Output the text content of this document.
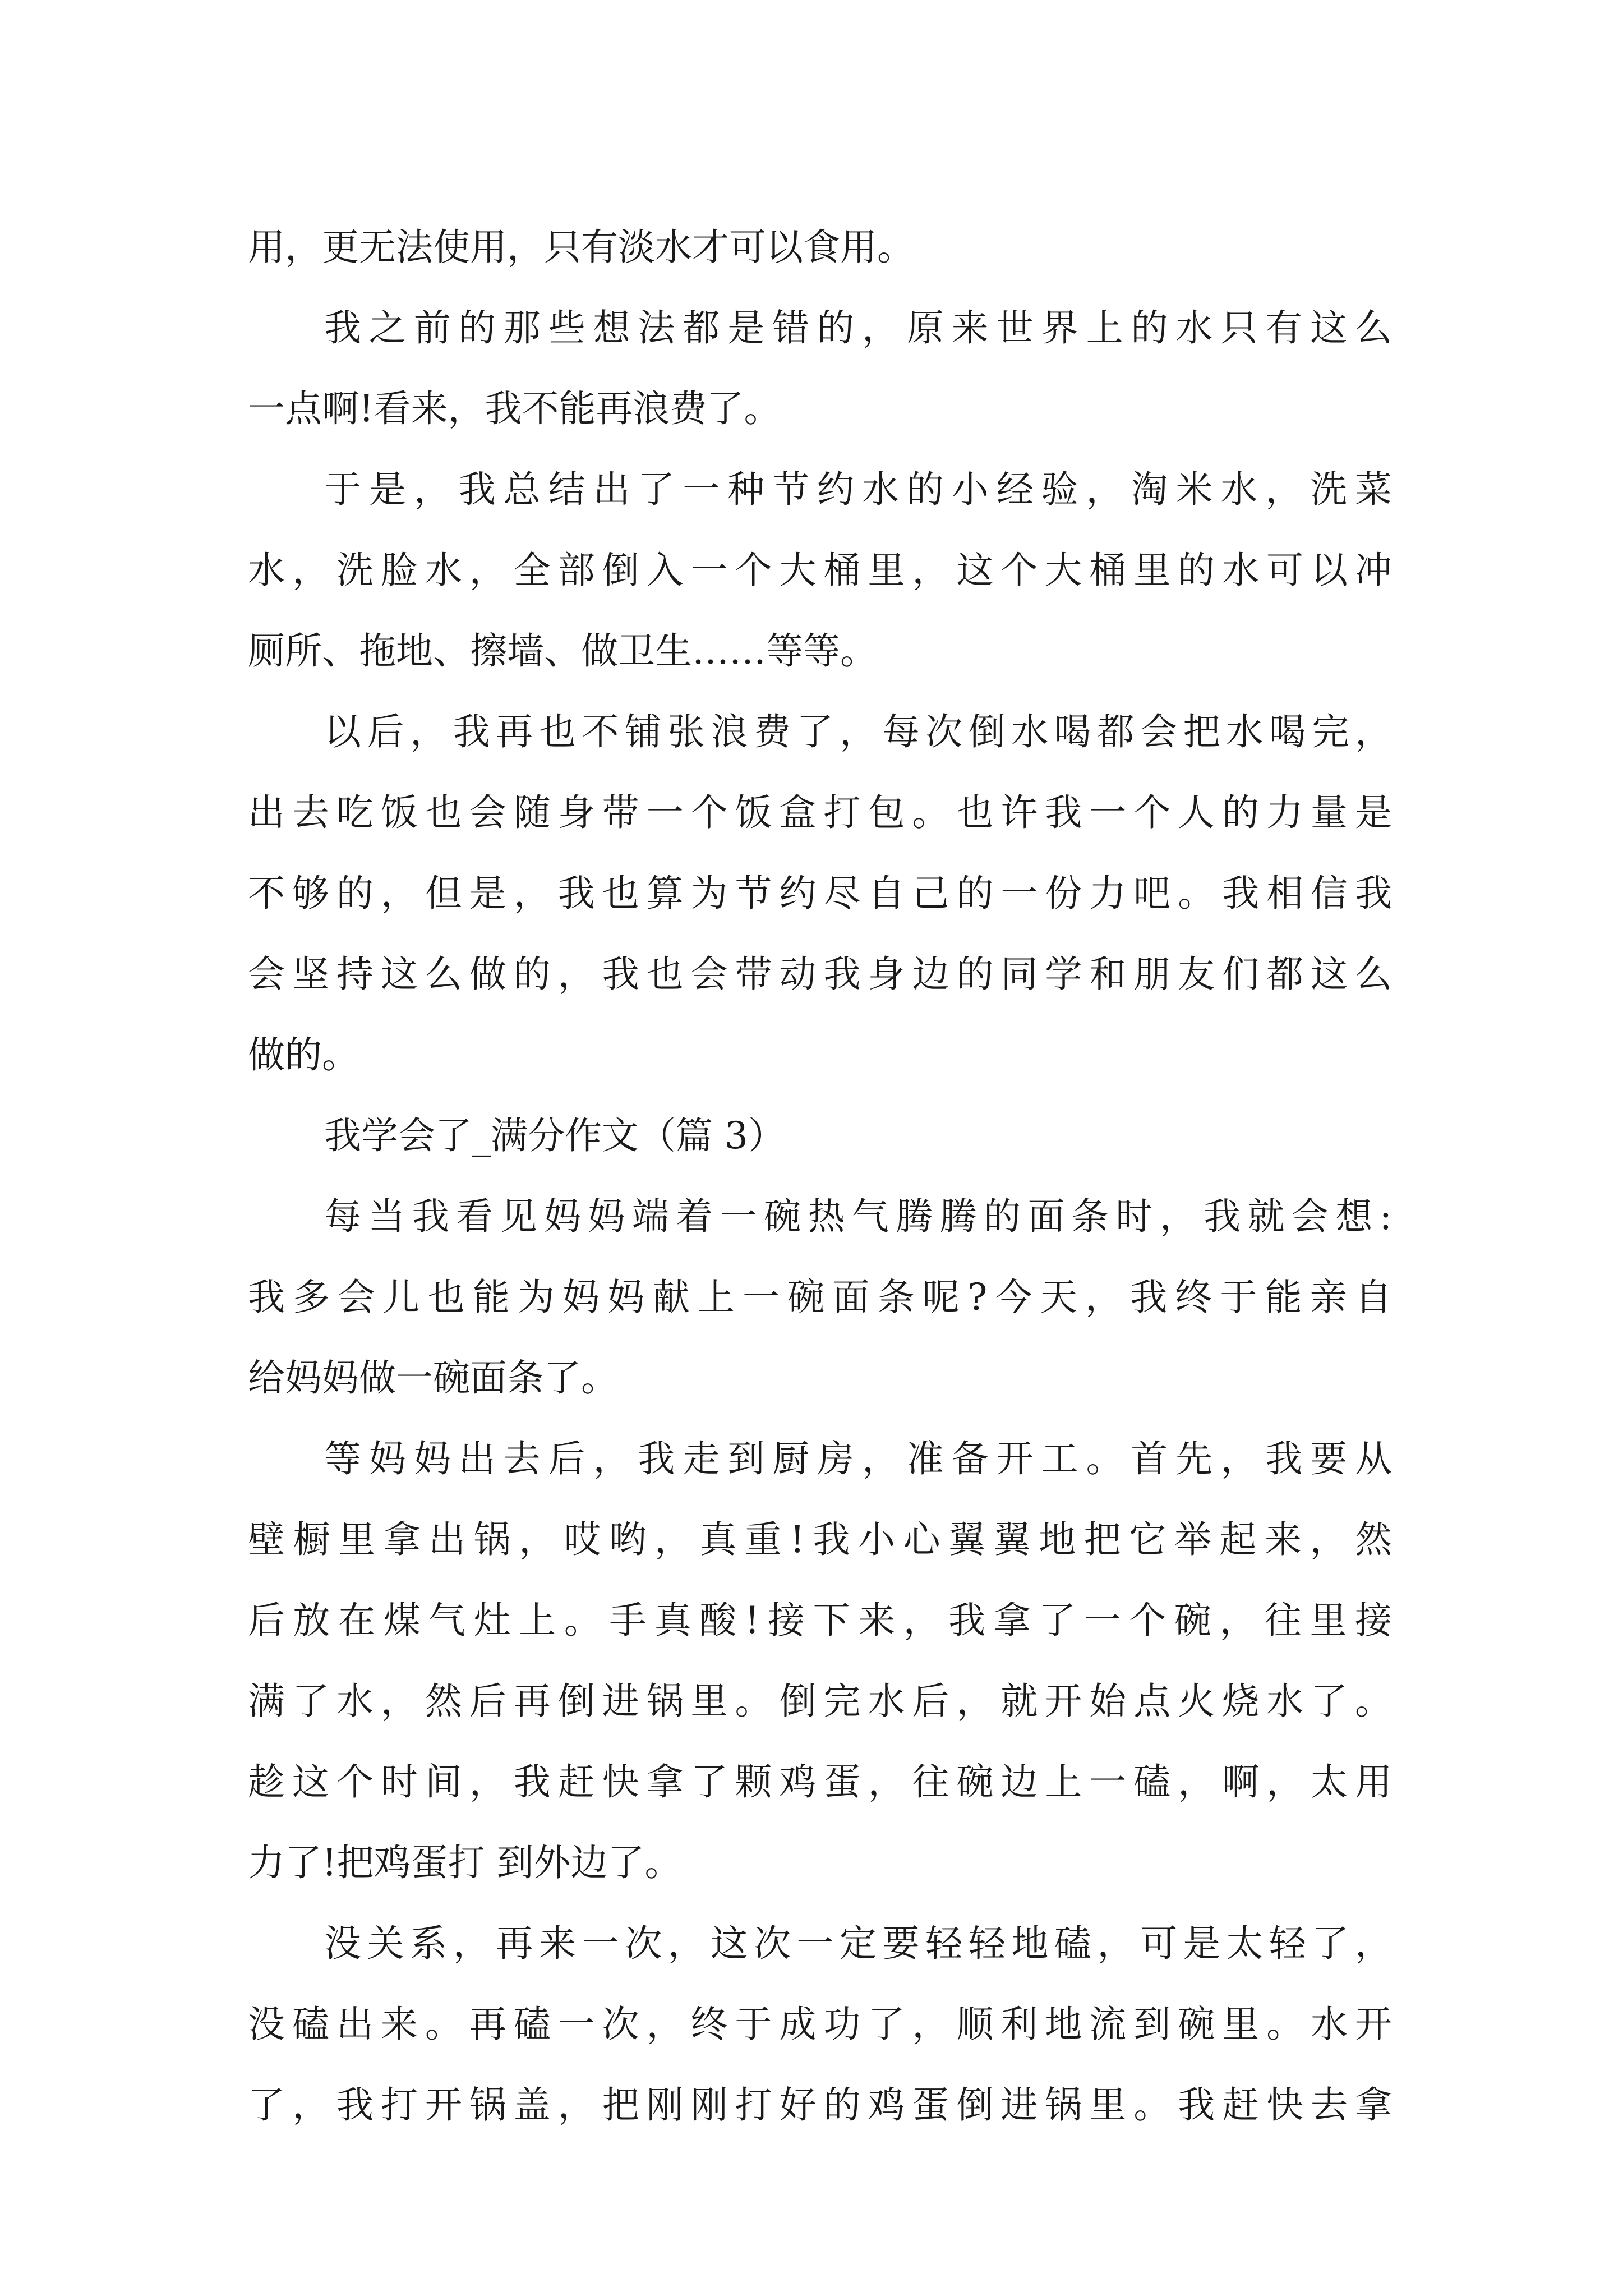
用，更无法使用，只有淡水才可以食用。
我之前的那些想法都是错的，原来世界上的水只有这么
一点啊!看来，我不能再浪费了。
于是，我总结出了一种节约水的小经验，淘米水，洗菜
水，洗脸水，全部倒入一个大桶里，这个大桶里的水可以冲
厕所、拖地、擦墙、做卫生……等等。
以后，我再也不铺张浪费了，每次倒水喝都会把水喝完，
出去吃饭也会随身带一个饭盒打包。也许我一个人的力量是
不够的，但是，我也算为节约尽自己的一份力吧。我相信我
会坚持这么做的，我也会带动我身边的同学和朋友们都这么
做的。
我学会了_满分作文（篇 3）
每当我看见妈妈端着一碗热气腾腾的面条时，我就会想:
我多会儿也能为妈妈献上一碗面条呢?今天，我终于能亲自
给妈妈做一碗面条了。
等妈妈出去后，我走到厨房，准备开工。首先，我要从
壁橱里拿出锅，哎哟，真重!我小心翼翼地把它举起来，然
后放在煤气灶上。手真酸!接下来，我拿了一个碗，往里接
满了水，然后再倒进锅里。倒完水后，就开始点火烧水了。
趁这个时间，我赶快拿了颗鸡蛋，往碗边上一磕，啊，太用
力了!把鸡蛋打 到外边了。
没关系，再来一次，这次一定要轻轻地磕，可是太轻了，
没磕出来。再磕一次，终于成功了，顺利地流到碗里。水开
了，我打开锅盖，把刚刚打好的鸡蛋倒进锅里。我赶快去拿
